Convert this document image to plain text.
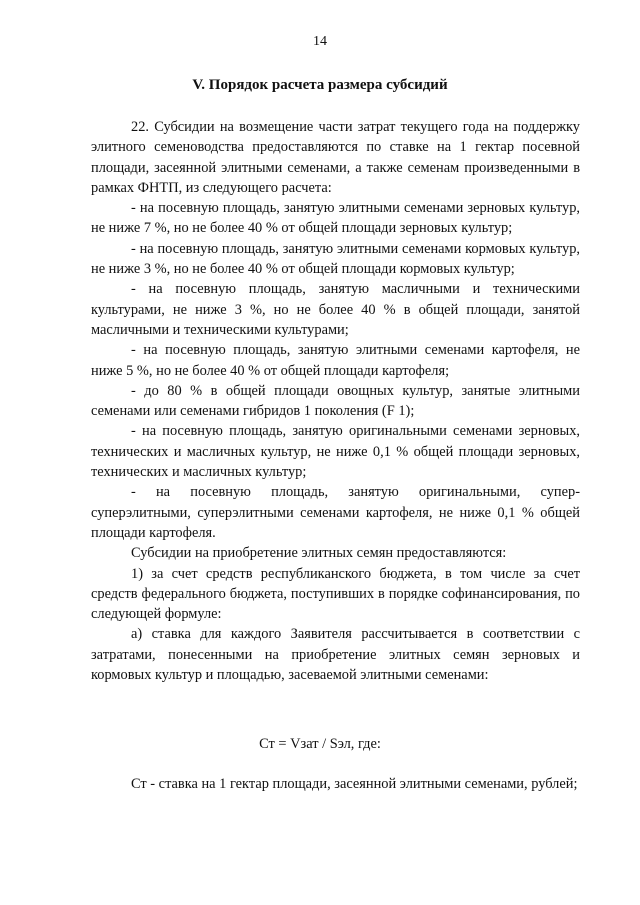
14
V. Порядок расчета размера субсидий

22. Субсидии на возмещение части затрат текущего года на поддержку элитного семеноводства предоставляются по ставке на 1 гектар посевной площади, засеянной элитными семенами, а также семенам произведенными в рамках ФНТП, из следующего расчета:

- на посевную площадь, занятую элитными семенами зерновых культур, не ниже 7 %, но не более 40 % от общей площади зерновых культур;

- на посевную площадь, занятую элитными семенами кормовых культур, не ниже 3 %, но не более 40 % от общей площади кормовых культур;

- на посевную площадь, занятую масличными и техническими культурами, не ниже 3 %, но не более 40 % в общей площади, занятой масличными и техническими культурами;

- на посевную площадь, занятую элитными семенами картофеля, не ниже 5 %, но не более 40 % от общей площади картофеля;

- до 80 % в общей площади овощных культур, занятые элитными семенами или семенами гибридов 1 поколения (F 1);

- на посевную площадь, занятую оригинальными семенами зерновых, технических и масличных культур, не ниже 0,1 % общей площади зерновых, технических и масличных культур;

- на посевную площадь, занятую оригинальными, супер-суперэлитными, суперэлитными семенами картофеля, не ниже 0,1 % общей площади картофеля.

Субсидии на приобретение элитных семян предоставляются:

1) за счет средств республиканского бюджета, в том числе за счет средств федерального бюджета, поступивших в порядке софинансирования, по следующей формуле:

а) ставка для каждого Заявителя рассчитывается в соответствии с затратами, понесенными на приобретение элитных семян зерновых и кормовых культур и площадью, засеваемой элитными семенами:

Ст = Vзат / Sэл, где:

Ст - ставка на 1 гектар площади, засеянной элитными семенами, рублей;
